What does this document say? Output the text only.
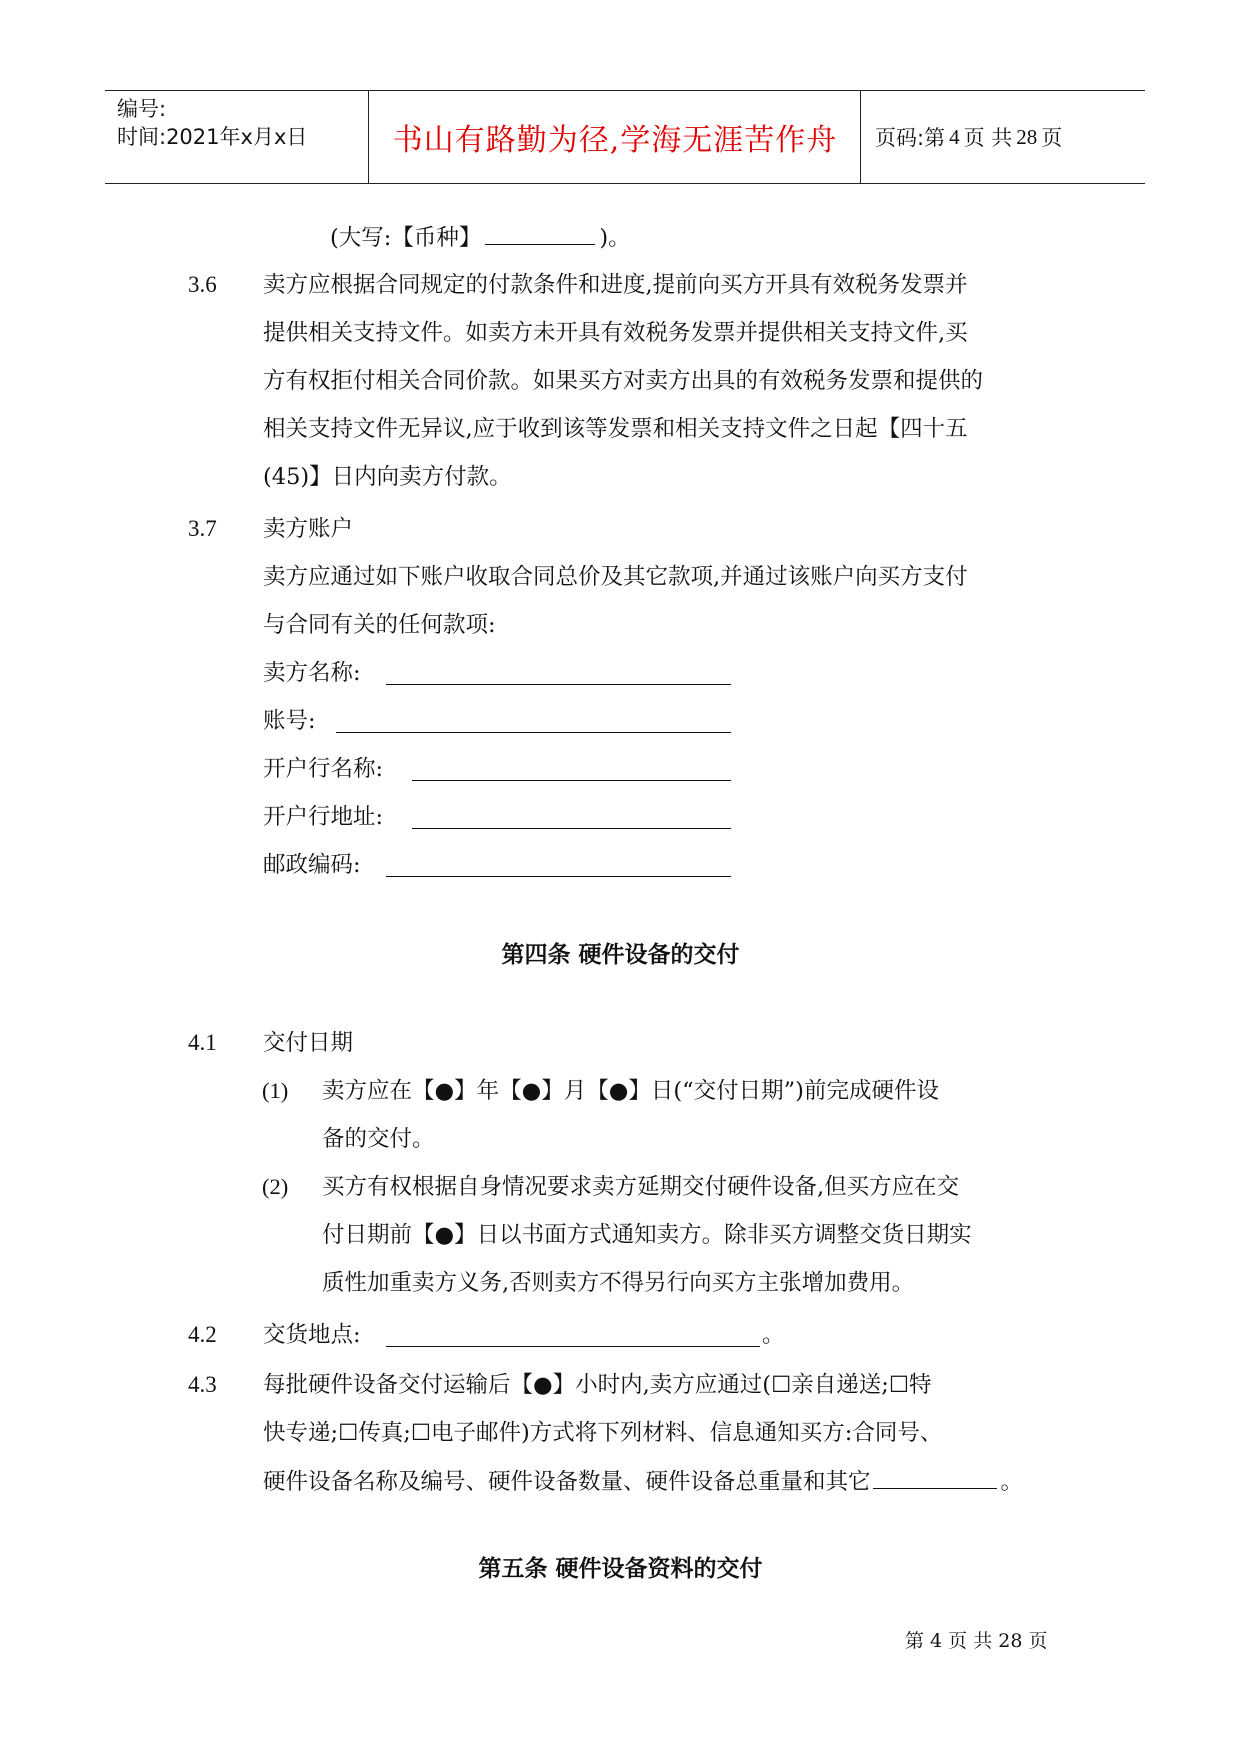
编号:
时间:2021年x月x日	书山有路勤为径,学海无涯苦作舟	页码:第 4 页 共 28 页
(大写:【币种】	)。
3.6 卖方应根据合同规定的付款条件和进度,提前向买方开具有效税务发票并
提供相关支持文件。如卖方未开具有效税务发票并提供相关支持文件,买
方有权拒付相关合同价款。如果买方对卖方出具的有效税务发票和提供的
相关支持文件无异议,应于收到该等发票和相关支持文件之日起【四十五
(45)】日内向卖方付款。
3.7 卖方账户
卖方应通过如下账户收取合同总价及其它款项,并通过该账户向买方支付
与合同有关的任何款项:
卖方名称:
账号:
开户行名称:
开户行地址:
邮政编码:
第四条 硬件设备的交付
4.1 交付日期
(1) 卖方应在【●】年【●】月【●】日(“交付日期”)前完成硬件设
备的交付。
(2) 买方有权根据自身情况要求卖方延期交付硬件设备,但买方应在交
付日期前【●】日以书面方式通知卖方。除非买方调整交货日期实
质性加重卖方义务,否则卖方不得另行向买方主张增加费用。
4.2 交货地点:	。
4.3 每批硬件设备交付运输后【●】小时内,卖方应通过(☐亲自递送;☐特
快专递;☐传真;☐电子邮件)方式将下列材料、信息通知买方:合同号、
硬件设备名称及编号、硬件设备数量、硬件设备总重量和其它	。
第五条 硬件设备资料的交付
第 4 页 共 28 页
